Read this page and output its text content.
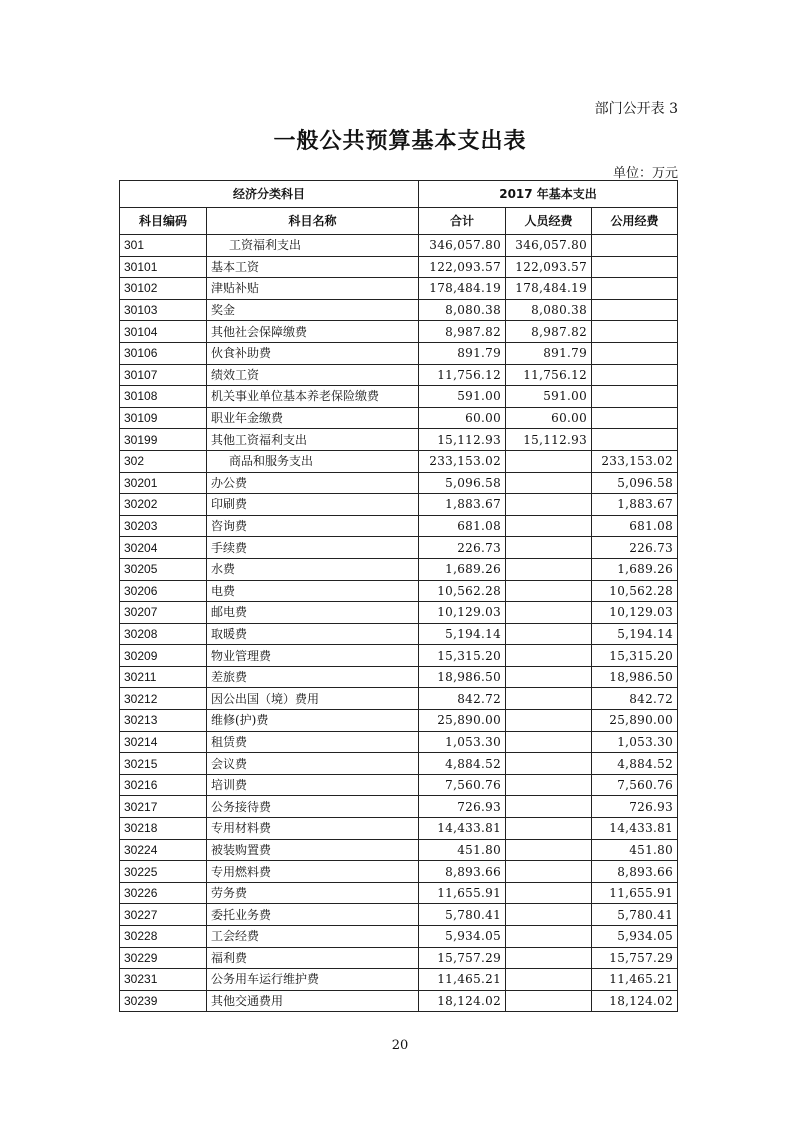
部门公开表 3
一般公共预算基本支出表
单位：万元
经济分类科目		2017 年基本支出		
科目编码	科目名称	合计	人员经费	公用经费
301	工资福利支出	346,057.80	346,057.80	
30101	基本工资	122,093.57	122,093.57	
30102	津贴补贴	178,484.19	178,484.19	
30103	奖金	8,080.38	8,080.38	
30104	其他社会保障缴费	8,987.82	8,987.82	
30106	伙食补助费	891.79	891.79	
30107	绩效工资	11,756.12	11,756.12	
30108	机关事业单位基本养老保险缴费	591.00	591.00	
30109	职业年金缴费	60.00	60.00	
30199	其他工资福利支出	15,112.93	15,112.93	
302	商品和服务支出	233,153.02		233,153.02
30201	办公费	5,096.58		5,096.58
30202	印刷费	1,883.67		1,883.67
30203	咨询费	681.08		681.08
30204	手续费	226.73		226.73
30205	水费	1,689.26		1,689.26
30206	电费	10,562.28		10,562.28
30207	邮电费	10,129.03		10,129.03
30208	取暖费	5,194.14		5,194.14
30209	物业管理费	15,315.20		15,315.20
30211	差旅费	18,986.50		18,986.50
30212	因公出国（境）费用	842.72		842.72
30213	维修(护)费	25,890.00		25,890.00
30214	租赁费	1,053.30		1,053.30
30215	会议费	4,884.52		4,884.52
30216	培训费	7,560.76		7,560.76
30217	公务接待费	726.93		726.93
30218	专用材料费	14,433.81		14,433.81
30224	被装购置费	451.80		451.80
30225	专用燃料费	8,893.66		8,893.66
30226	劳务费	11,655.91		11,655.91
30227	委托业务费	5,780.41		5,780.41
30228	工会经费	5,934.05		5,934.05
30229	福利费	15,757.29		15,757.29
30231	公务用车运行维护费	11,465.21		11,465.21
30239	其他交通费用	18,124.02		18,124.02
20
